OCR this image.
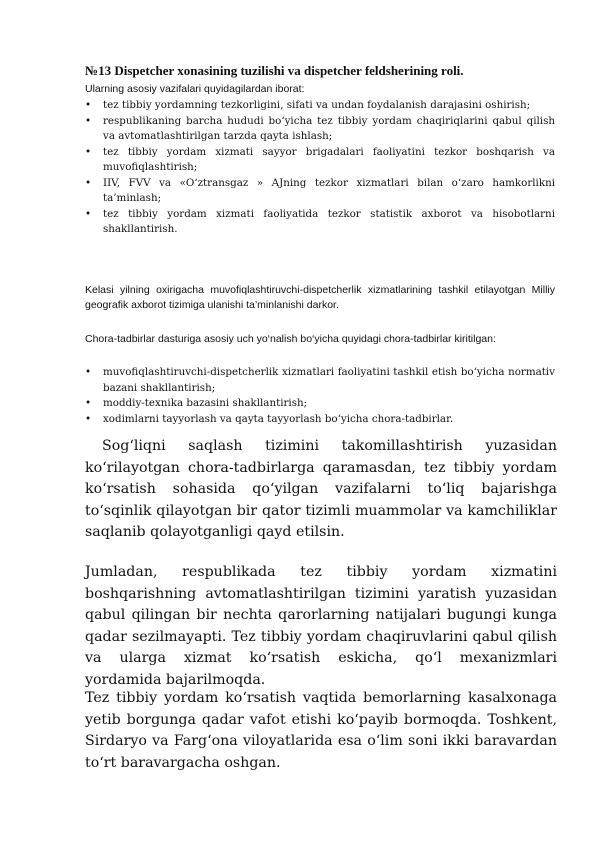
№13 Dispetcher xonasining tuzilishi va dispetcher feldsherining roli.
Ularning asosiy vazifalari quyidagilardan iborat:
• tez tibbiy yordamning tezkorligini, sifati va undan foydalanish darajasini oshirish;
• respublikaning barcha hududi bo‘yicha tez tibbiy yordam chaqiriqlarini qabul qilish va avtomatlashtirilgan tarzda qayta ishlash;
• tez tibbiy yordam xizmati sayyor brigadalari faoliyatini tezkor boshqarish va muvofiqlashtirish;
• IIV, FVV va «O‘ztransgaz » AJning tezkor xizmatlari bilan o‘zaro hamkorlikni ta’minlash;
• tez tibbiy yordam xizmati faoliyatida tezkor statistik axborot va hisobotlarni shakllantirish.
Kelasi yilning oxirigacha muvofiqlashtiruvchi-dispetcherlik xizmatlarining tashkil etilayotgan Milliy geografik axborot tizimiga ulanishi ta’minlanishi darkor.
Chora-tadbirlar dasturiga asosiy uch yo‘nalish bo‘yicha quyidagi chora-tadbirlar kiritilgan:
• muvofiqlashtiruvchi-dispetcherlik xizmatlari faoliyatini tashkil etish bo‘yicha normativ bazani shakllantirish;
• moddiy-texnika bazasini shakllantirish;
• xodimlarni tayyorlash va qayta tayyorlash bo‘yicha chora-tadbirlar.
Sog‘liqni saqlash tizimini takomillashtirish yuzasidan ko‘rilayotgan chora-tadbirlarga qaramasdan, tez tibbiy yordam ko‘rsatish sohasida qo‘yilgan vazifalarni to‘liq bajarishga to‘sqinlik qilayotgan bir qator tizimli muammolar va kamchiliklar saqlanib qolayotganligi qayd etilsin.
Jumladan, respublikada tez tibbiy yordam xizmatini boshqarishning avtomatlashtirilgan tizimini yaratish yuzasidan qabul qilingan bir nechta qarorlarning natijalari bugungi kunga qadar sezilmayapti. Tez tibbiy yordam chaqiruvlarini qabul qilish va ularga xizmat ko‘rsatish eskicha, qo‘l mexanizmlari yordamida bajarilmoqda.
Tez tibbiy yordam ko‘rsatish vaqtida bemorlarning kasalxonaga yetib borgunga qadar vafot etishi ko‘payib bormoqda. Toshkent, Sirdaryo va Farg‘ona viloyatlarida esa o‘lim soni ikki baravardan to‘rt baravargacha oshgan.
